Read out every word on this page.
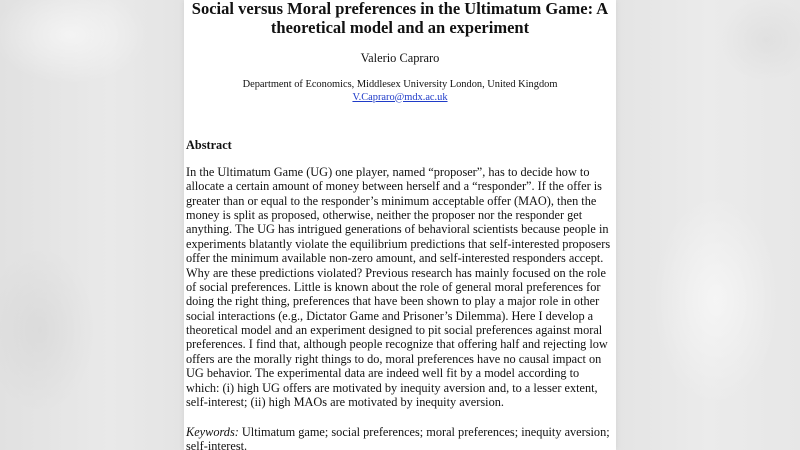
Social versus Moral preferences in the Ultimatum Game: A
theoretical model and an experiment
Valerio Capraro
Department of Economics, Middlesex University London, United Kingdom
V.Capraro@mdx.ac.uk
Abstract
In the Ultimatum Game (UG) one player, named “proposer”, has to decide how to
allocate a certain amount of money between herself and a “responder”. If the offer is
greater than or equal to the responder’s minimum acceptable offer (MAO), then the
money is split as proposed, otherwise, neither the proposer nor the responder get
anything. The UG has intrigued generations of behavioral scientists because people in
experiments blatantly violate the equilibrium predictions that self-interested proposers
offer the minimum available non-zero amount, and self-interested responders accept.
Why are these predictions violated? Previous research has mainly focused on the role
of social preferences. Little is known about the role of general moral preferences for
doing the right thing, preferences that have been shown to play a major role in other
social interactions (e.g., Dictator Game and Prisoner’s Dilemma). Here I develop a
theoretical model and an experiment designed to pit social preferences against moral
preferences. I find that, although people recognize that offering half and rejecting low
offers are the morally right things to do, moral preferences have no causal impact on
UG behavior. The experimental data are indeed well fit by a model according to
which: (i) high UG offers are motivated by inequity aversion and, to a lesser extent,
self-interest; (ii) high MAOs are motivated by inequity aversion.
Keywords: Ultimatum game; social preferences; moral preferences; inequity aversion;
self-interest.
